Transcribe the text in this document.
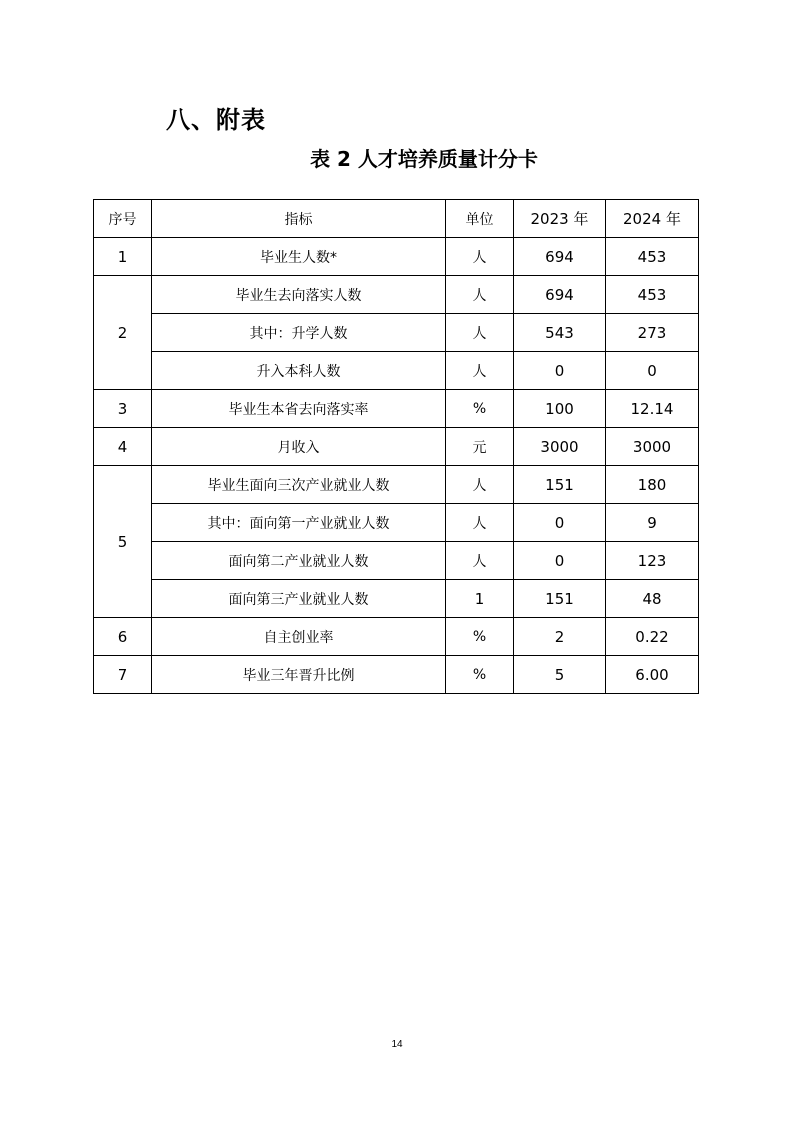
八、附表
表 2 人才培养质量计分卡
序号	指标	单位	2023 年	2024 年
1	毕业生人数*	人	694	453
2	毕业生去向落实人数	人	694	453
	其中：升学人数	人	543	273
	升入本科人数	人	0	0
3	毕业生本省去向落实率	%	100	12.14
4	月收入	元	3000	3000
5	毕业生面向三次产业就业人数	人	151	180
	其中：面向第一产业就业人数	人	0	9
	面向第二产业就业人数	人	0	123
	面向第三产业就业人数	1	151	48
6	自主创业率	%	2	0.22
7	毕业三年晋升比例	%	5	6.00
14
